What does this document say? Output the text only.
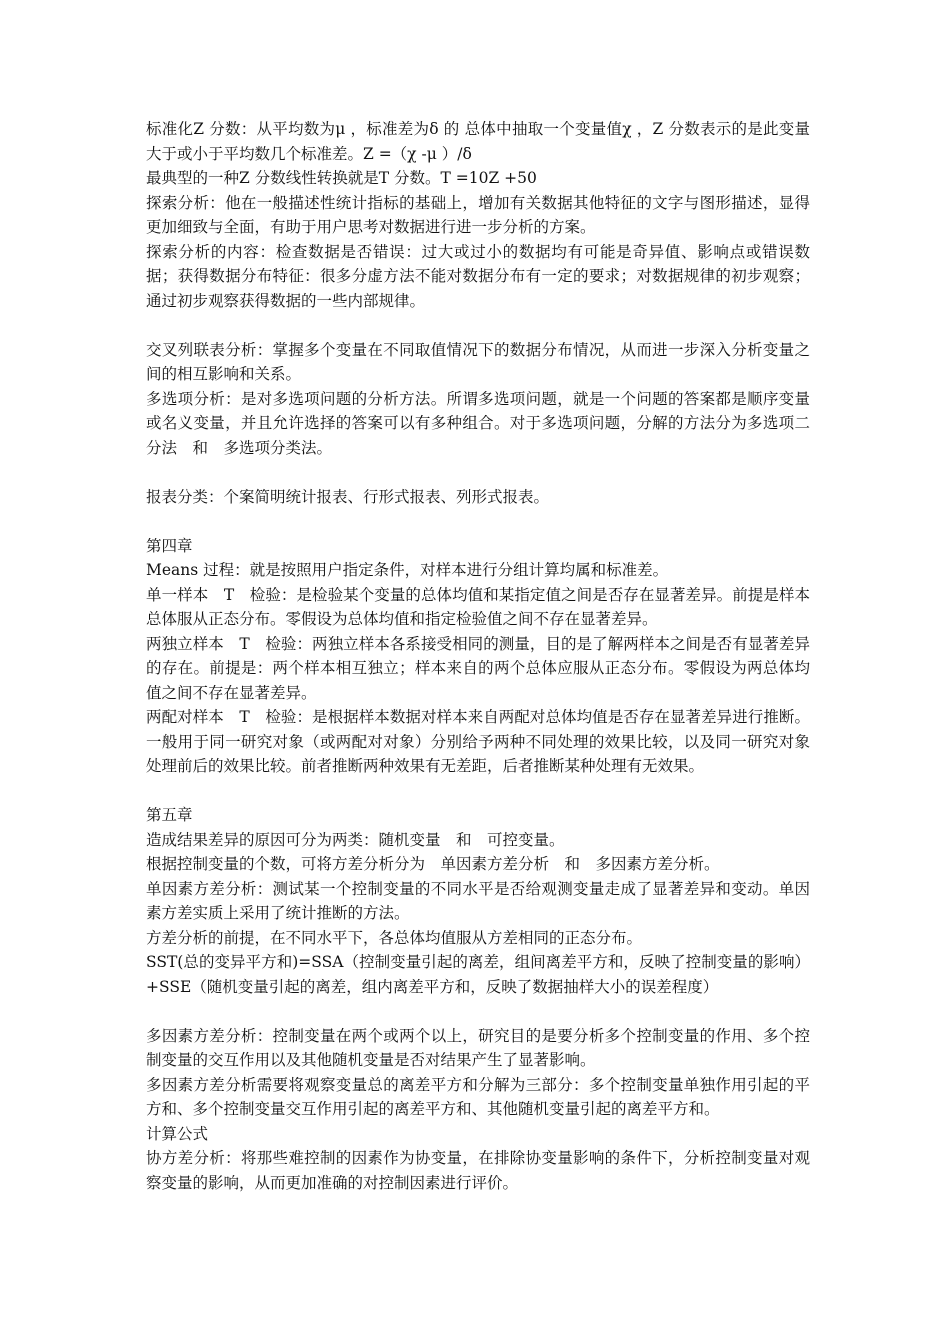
标准化Z 分数：从平均数为μ ，标准差为δ 的 总体中抽取一个变量值χ ，Z 分数表示的是此变量大于或小于平均数几个标准差。Z =（χ -μ ）/δ
最典型的一种Z 分数线性转换就是T 分数。T =10Z +50
探索分析：他在一般描述性统计指标的基础上，增加有关数据其他特征的文字与图形描述，显得更加细致与全面，有助于用户思考对数据进行进一步分析的方案。
探索分析的内容：检查数据是否错误：过大或过小的数据均有可能是奇异值、影响点或错误数据；获得数据分布特征：很多分虚方法不能对数据分布有一定的要求；对数据规律的初步观察；通过初步观察获得数据的一些内部规律。
交叉列联表分析：掌握多个变量在不同取值情况下的数据分布情况，从而进一步深入分析变量之间的相互影响和关系。
多选项分析：是对多选项问题的分析方法。所谓多选项问题，就是一个问题的答案都是顺序变量或名义变量，并且允许选择的答案可以有多种组合。对于多选项问题，分解的方法分为多选项二分法　和　多选项分类法。
报表分类：个案简明统计报表、行形式报表、列形式报表。
第四章
Means 过程：就是按照用户指定条件，对样本进行分组计算均属和标准差。
单一样本　T　检验：是检验某个变量的总体均值和某指定值之间是否存在显著差异。前提是样本总体服从正态分布。零假设为总体均值和指定检验值之间不存在显著差异。
两独立样本　T　检验：两独立样本各系接受相同的测量，目的是了解两样本之间是否有显著差异的存在。前提是：两个样本相互独立；样本来自的两个总体应服从正态分布。零假设为两总体均值之间不存在显著差异。
两配对样本　T　检验：是根据样本数据对样本来自两配对总体均值是否存在显著差异进行推断。一般用于同一研究对象（或两配对对象）分别给予两种不同处理的效果比较，以及同一研究对象处理前后的效果比较。前者推断两种效果有无差距，后者推断某种处理有无效果。
第五章
造成结果差异的原因可分为两类：随机变量　和　可控变量。
根据控制变量的个数，可将方差分析分为　单因素方差分析　和　多因素方差分析。
单因素方差分析：测试某一个控制变量的不同水平是否给观测变量走成了显著差异和变动。单因素方差实质上采用了统计推断的方法。
方差分析的前提，在不同水平下，各总体均值服从方差相同的正态分布。
SST(总的变异平方和)=SSA（控制变量引起的离差，组间离差平方和，反映了控制变量的影响）+SSE（随机变量引起的离差，组内离差平方和，反映了数据抽样大小的误差程度）
多因素方差分析：控制变量在两个或两个以上，研究目的是要分析多个控制变量的作用、多个控制变量的交互作用以及其他随机变量是否对结果产生了显著影响。
多因素方差分析需要将观察变量总的离差平方和分解为三部分：多个控制变量单独作用引起的平方和、多个控制变量交互作用引起的离差平方和、其他随机变量引起的离差平方和。
计算公式
协方差分析：将那些难控制的因素作为协变量，在排除协变量影响的条件下，分析控制变量对观察变量的影响，从而更加准确的对控制因素进行评价。
